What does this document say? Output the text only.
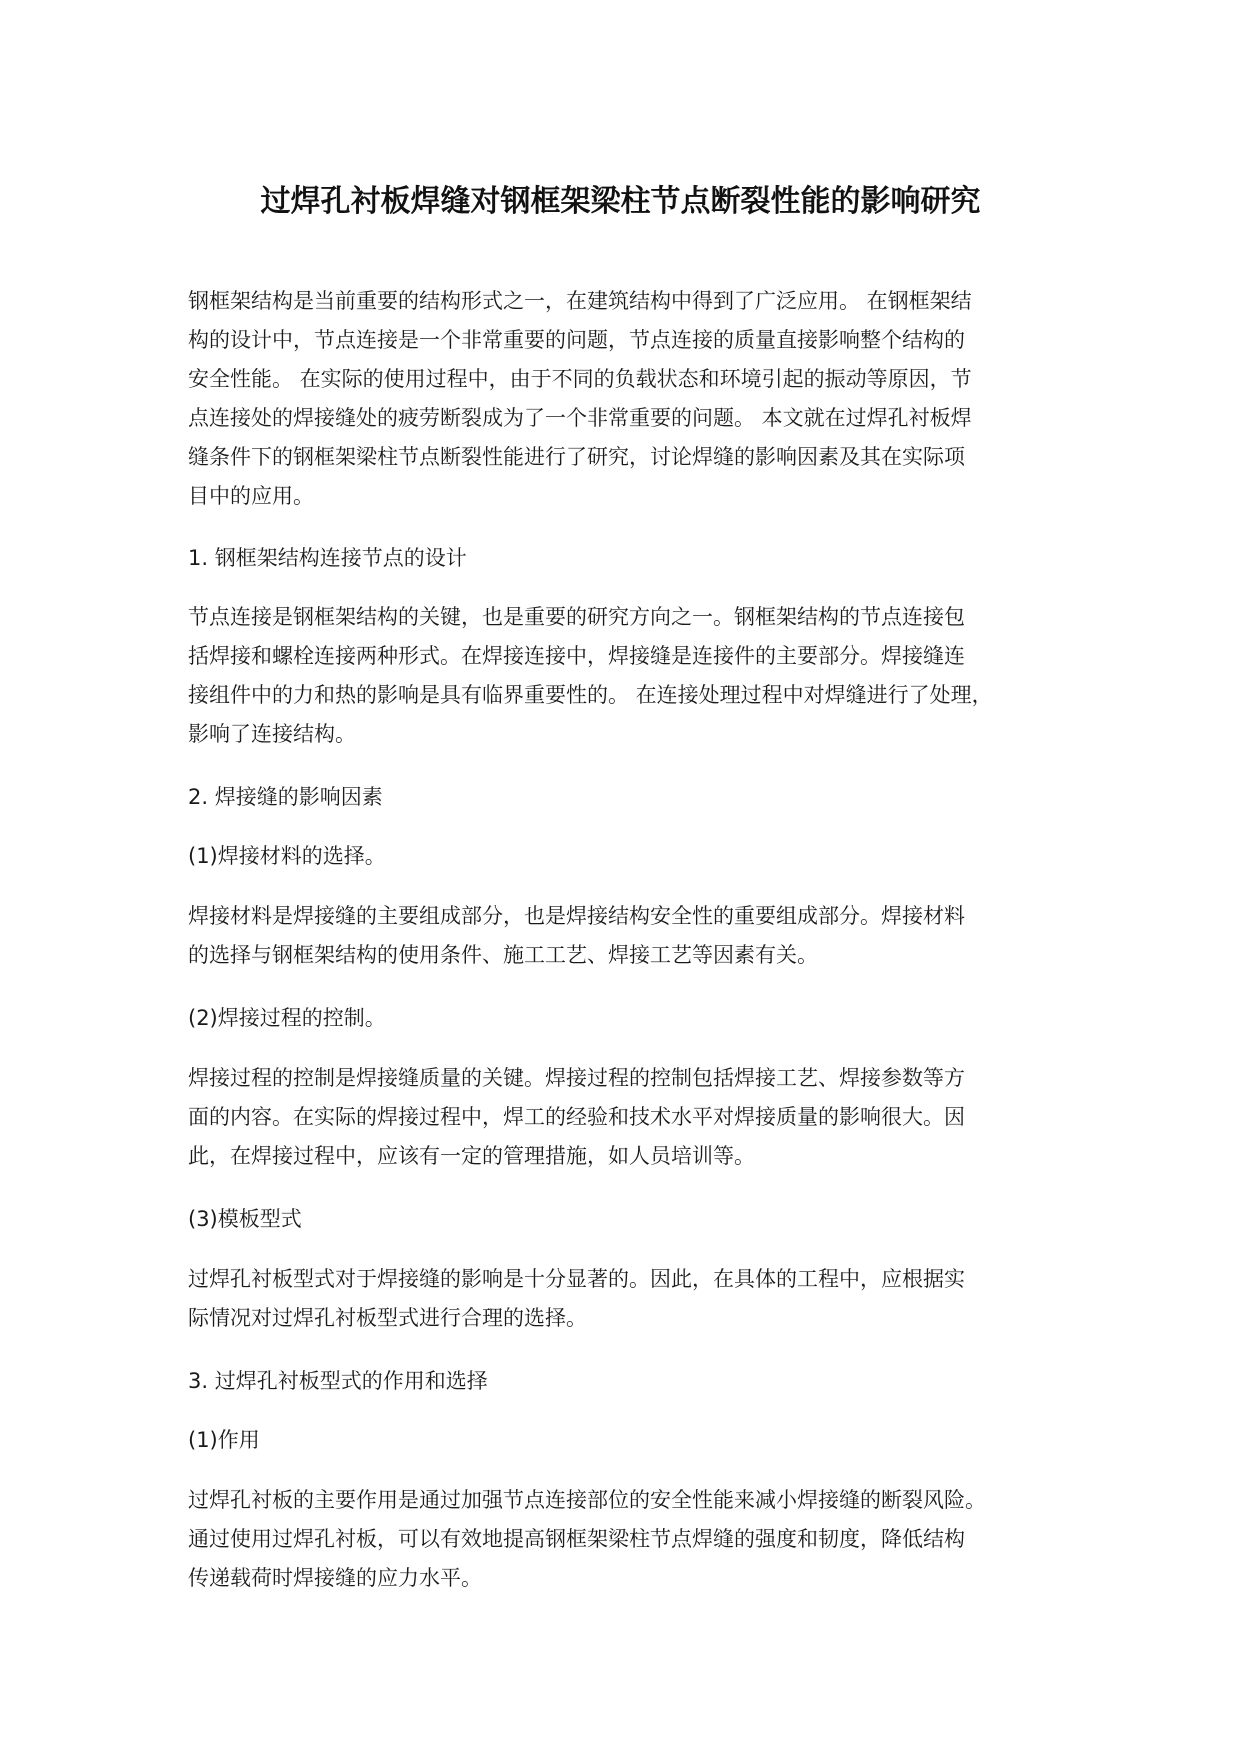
过焊孔衬板焊缝对钢框架梁柱节点断裂性能的影响研究
钢框架结构是当前重要的结构形式之一，在建筑结构中得到了广泛应用。 在钢框架结
构的设计中，节点连接是一个非常重要的问题，节点连接的质量直接影响整个结构的
安全性能。 在实际的使用过程中，由于不同的负载状态和环境引起的振动等原因，节
点连接处的焊接缝处的疲劳断裂成为了一个非常重要的问题。 本文就在过焊孔衬板焊
缝条件下的钢框架梁柱节点断裂性能进行了研究，讨论焊缝的影响因素及其在实际项
目中的应用。
1. 钢框架结构连接节点的设计
节点连接是钢框架结构的关键，也是重要的研究方向之一。钢框架结构的节点连接包
括焊接和螺栓连接两种形式。在焊接连接中，焊接缝是连接件的主要部分。焊接缝连
接组件中的力和热的影响是具有临界重要性的。 在连接处理过程中对焊缝进行了处理，
影响了连接结构。
2. 焊接缝的影响因素
(1)焊接材料的选择。
焊接材料是焊接缝的主要组成部分，也是焊接结构安全性的重要组成部分。焊接材料
的选择与钢框架结构的使用条件、施工工艺、焊接工艺等因素有关。
(2)焊接过程的控制。
焊接过程的控制是焊接缝质量的关键。焊接过程的控制包括焊接工艺、焊接参数等方
面的内容。在实际的焊接过程中，焊工的经验和技术水平对焊接质量的影响很大。因
此，在焊接过程中，应该有一定的管理措施，如人员培训等。
(3)模板型式
过焊孔衬板型式对于焊接缝的影响是十分显著的。因此，在具体的工程中，应根据实
际情况对过焊孔衬板型式进行合理的选择。
3. 过焊孔衬板型式的作用和选择
(1)作用
过焊孔衬板的主要作用是通过加强节点连接部位的安全性能来减小焊接缝的断裂风险。
通过使用过焊孔衬板，可以有效地提高钢框架梁柱节点焊缝的强度和韧度，降低结构
传递载荷时焊接缝的应力水平。
